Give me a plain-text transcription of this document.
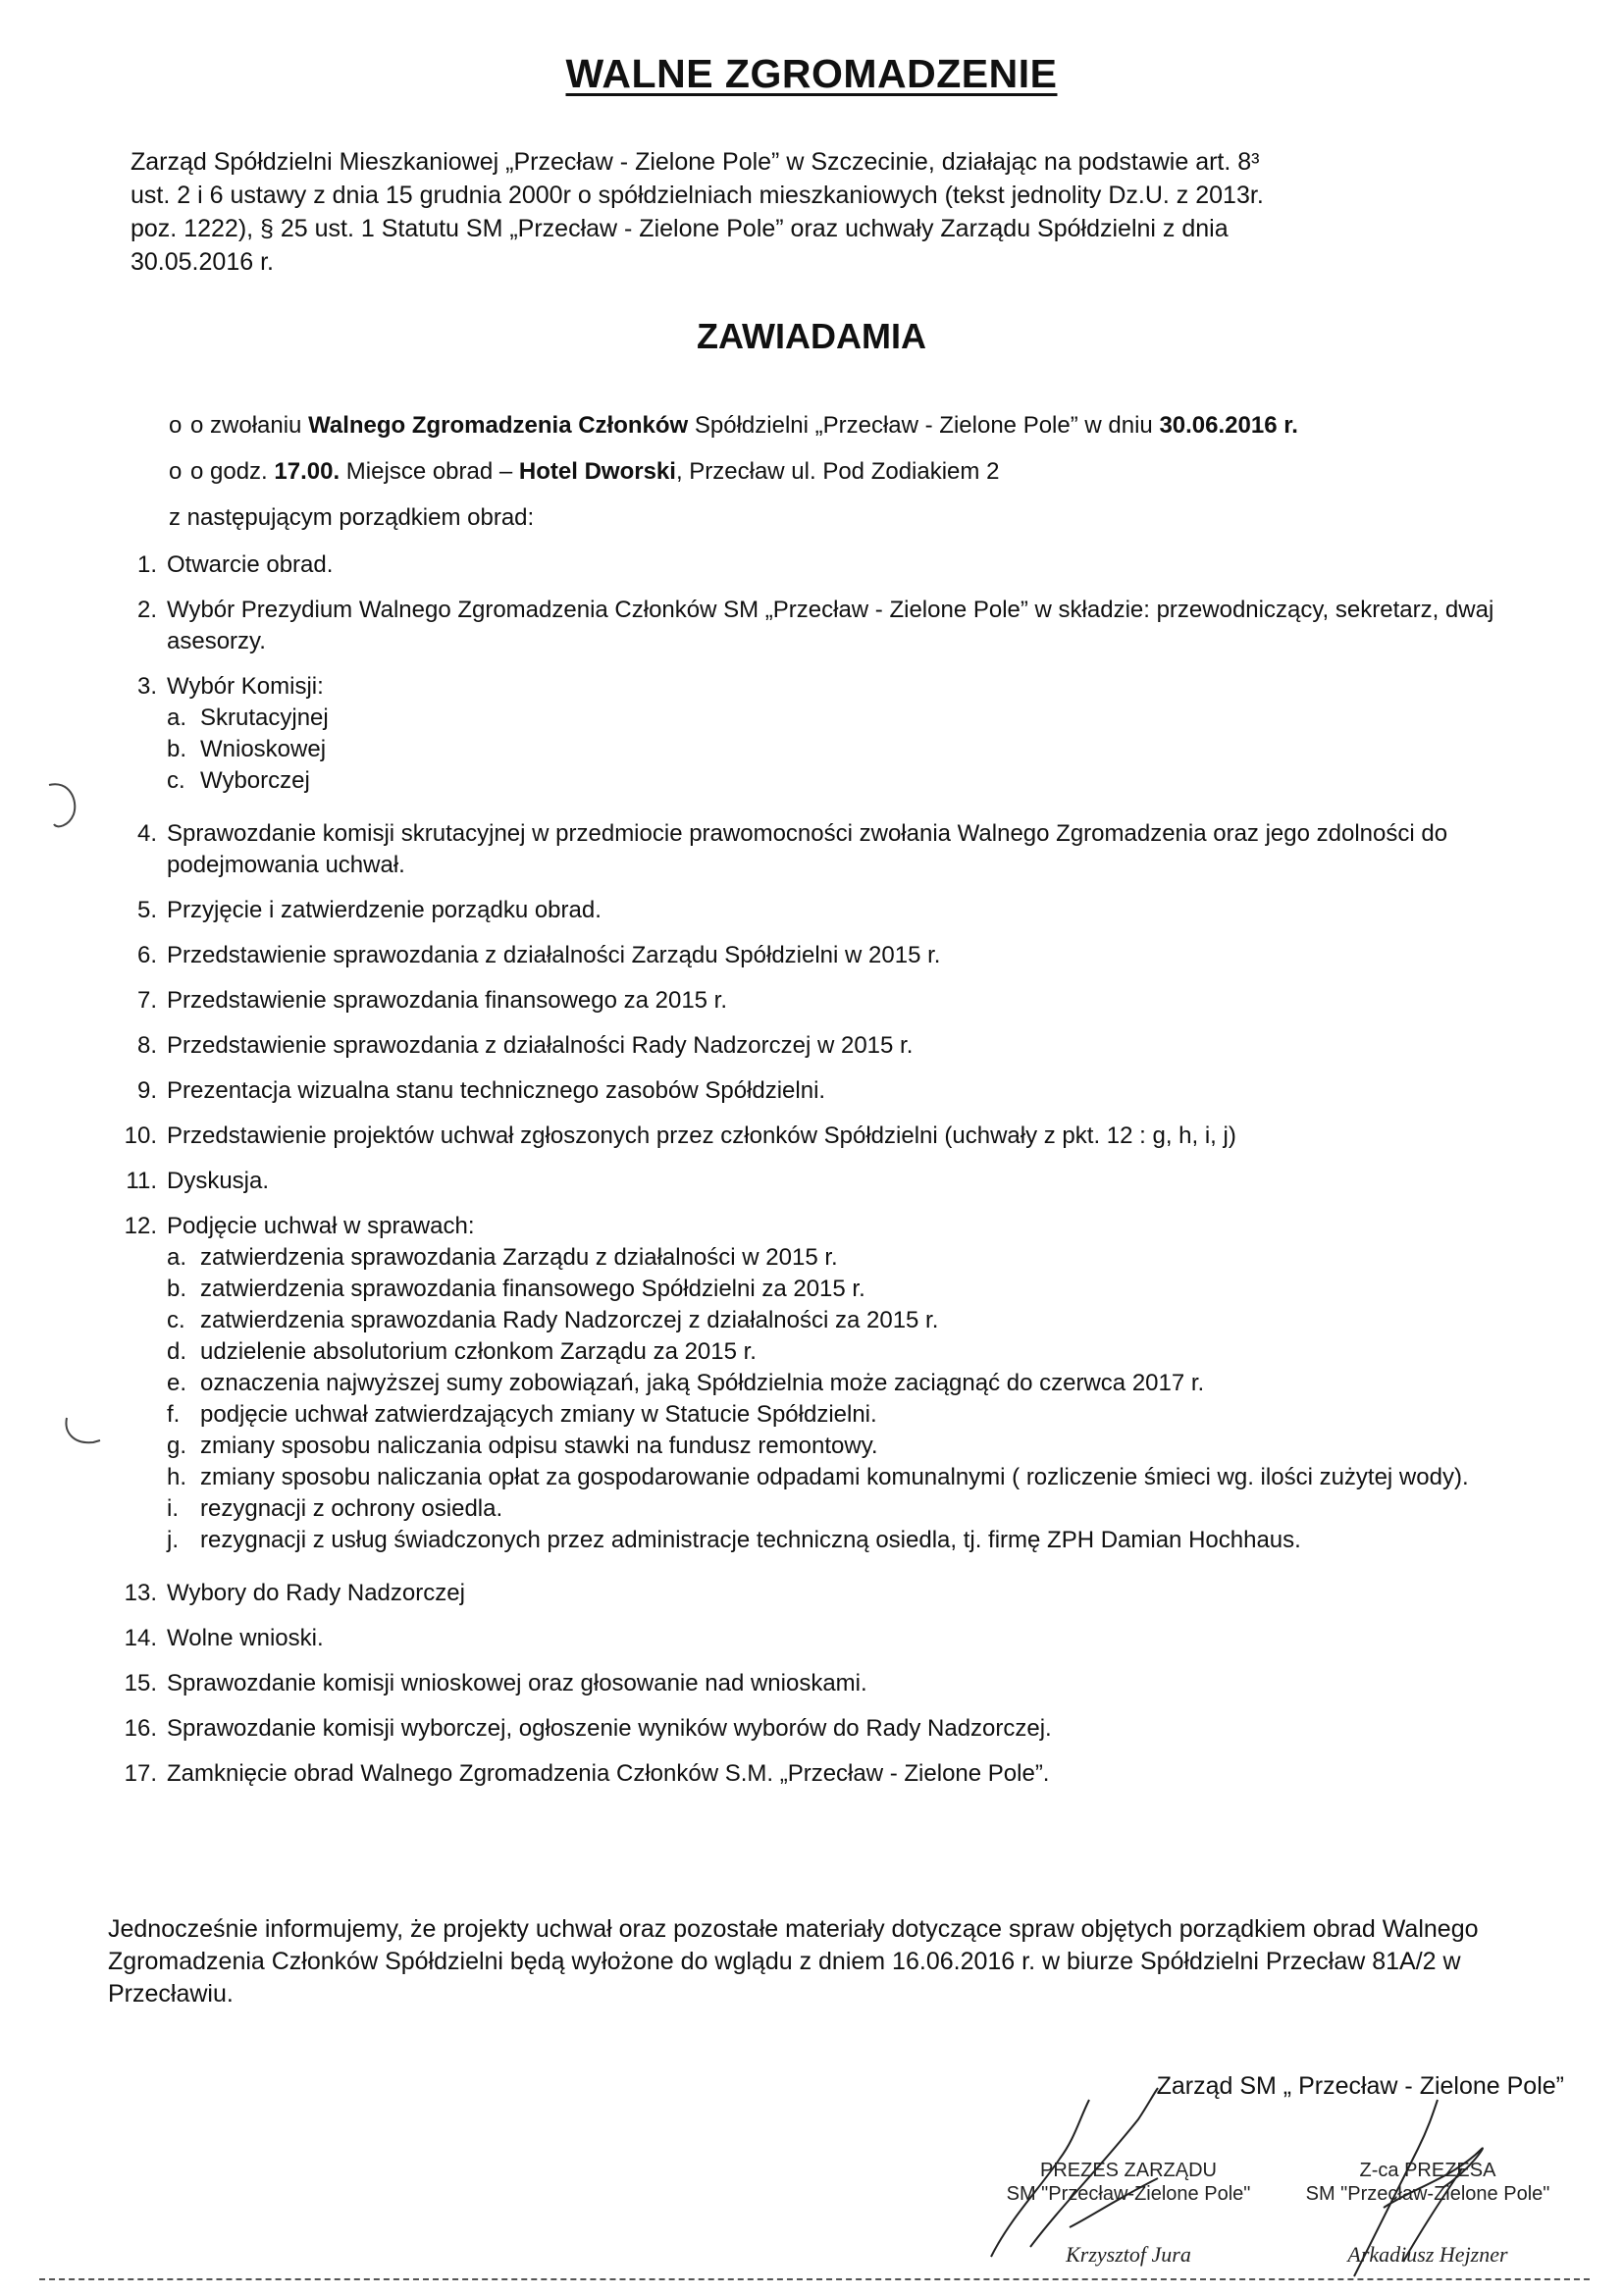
WALNE ZGROMADZENIE
Zarząd Spółdzielni Mieszkaniowej „Przecław - Zielone Pole” w Szczecinie, działając na podstawie art. 8³
ust. 2 i 6 ustawy z dnia 15 grudnia 2000r o spółdzielniach mieszkaniowych (tekst jednolity Dz.U. z 2013r.
poz. 1222), § 25 ust. 1 Statutu SM „Przecław - Zielone Pole” oraz uchwały Zarządu Spółdzielni z dnia
30.05.2016 r.
ZAWIADAMIA
o o zwołaniu Walnego Zgromadzenia Członków Spółdzielni „Przecław - Zielone Pole” w dniu 30.06.2016 r.
o o godz. 17.00. Miejsce obrad – Hotel Dworski, Przecław ul. Pod Zodiakiem 2
z następującym porządkiem obrad:
1. Otwarcie obrad.
2. Wybór Prezydium Walnego Zgromadzenia Członków SM „Przecław - Zielone Pole” w składzie: przewodniczący, sekretarz, dwaj asesorzy.
3. Wybór Komisji:
a. Skrutacyjnej
b. Wnioskowej
c. Wyborczej
4. Sprawozdanie komisji skrutacyjnej w przedmiocie prawomocności zwołania Walnego Zgromadzenia oraz jego zdolności do podejmowania uchwał.
5. Przyjęcie i zatwierdzenie porządku obrad.
6. Przedstawienie sprawozdania z działalności Zarządu Spółdzielni w 2015 r.
7. Przedstawienie sprawozdania finansowego za 2015 r.
8. Przedstawienie sprawozdania z działalności Rady Nadzorczej w 2015 r.
9. Prezentacja wizualna stanu technicznego zasobów Spółdzielni.
10. Przedstawienie projektów uchwał zgłoszonych przez członków Spółdzielni (uchwały z pkt. 12 : g, h, i, j)
11. Dyskusja.
12. Podjęcie uchwał w sprawach:
a. zatwierdzenia sprawozdania Zarządu z działalności w 2015 r.
b. zatwierdzenia sprawozdania finansowego Spółdzielni za 2015 r.
c. zatwierdzenia sprawozdania Rady Nadzorczej z działalności za 2015 r.
d. udzielenie absolutorium członkom Zarządu za 2015 r.
e. oznaczenia najwyższej sumy zobowiązań, jaką Spółdzielnia może zaciągnąć do czerwca 2017 r.
f. podjęcie uchwał zatwierdzających zmiany w Statucie Spółdzielni.
g. zmiany sposobu naliczania odpisu stawki na fundusz remontowy.
h. zmiany sposobu naliczania opłat za gospodarowanie odpadami komunalnymi ( rozliczenie śmieci wg. ilości zużytej wody).
i. rezygnacji z ochrony osiedla.
j. rezygnacji z usług świadczonych przez administracje techniczną osiedla, tj. firmę ZPH Damian Hochhaus.
13. Wybory do Rady Nadzorczej
14. Wolne wnioski.
15. Sprawozdanie komisji wnioskowej oraz głosowanie nad wnioskami.
16. Sprawozdanie komisji wyborczej, ogłoszenie wyników wyborów do Rady Nadzorczej.
17. Zamknięcie obrad Walnego Zgromadzenia Członków S.M. „Przecław - Zielone Pole”.
Jednocześnie informujemy, że projekty uchwał oraz pozostałe materiały dotyczące spraw objętych porządkiem obrad Walnego Zgromadzenia Członków Spółdzielni będą wyłożone do wglądu z dniem 16.06.2016 r. w biurze Spółdzielni Przecław 81A/2 w Przecławiu.
Zarząd SM „ Przecław - Zielone Pole”
PREZES ZARZĄDU
SM "Przecław-Zielone Pole"
Krzysztof Jura
Z-ca PREZESA
SM "Przecław-Zielone Pole"
Arkadiusz Hejzner
